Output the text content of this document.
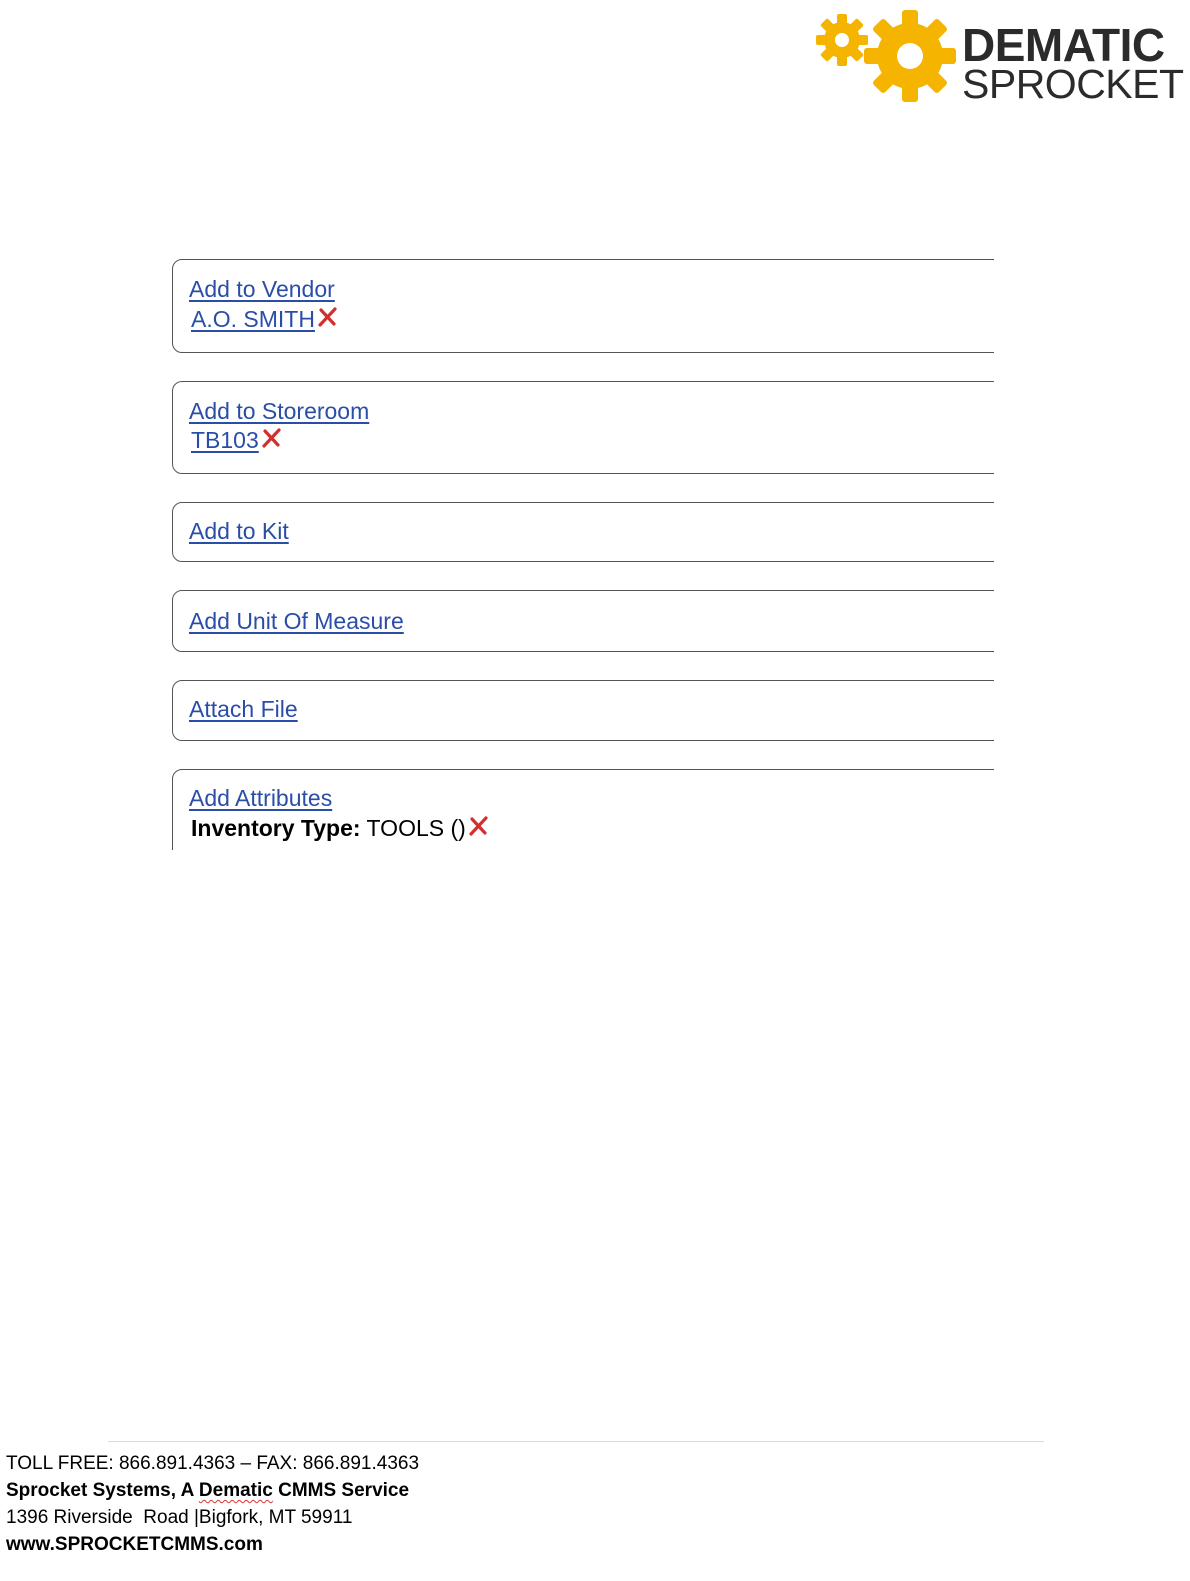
DEMATIC
SPROCKET
Add to Vendor
A.O. SMITH
Add to Storeroom
TB103
Add to Kit
Add Unit Of Measure
Attach File
Add Attributes
Inventory Type: TOOLS ()
TOLL FREE: 866.891.4363 – FAX: 866.891.4363
Sprocket Systems, A Dematic CMMS Service
1396 Riverside  Road |Bigfork, MT 59911
www.SPROCKETCMMS.com
